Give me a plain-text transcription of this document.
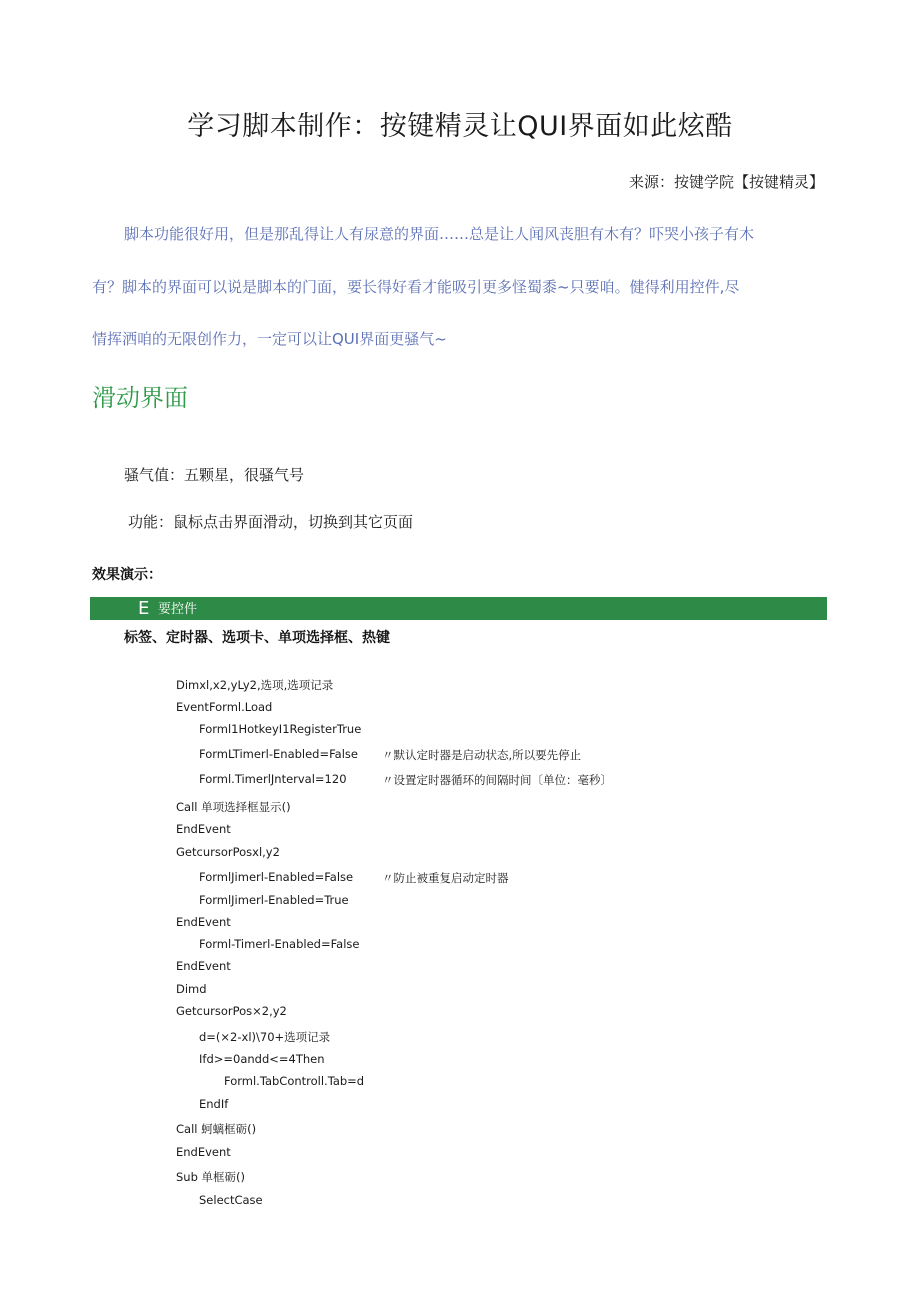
学习脚本制作：按键精灵让QUI界面如此炫酷
来源：按键学院【按键精灵】
脚本功能很好用，但是那乱得让人有尿意的界面……总是让人闻风丧胆有木有？吓哭小孩子有木
有？脚本的界面可以说是脚本的门面，要长得好看才能吸引更多怪蜀黍~只要咱。健得利用控件,尽
情挥洒咱的无限创作力，一定可以让QUI界面更骚气~
滑动界面
骚气值：五颗星，很骚气号
功能：鼠标点击界面滑动，切换到其它页面
效果演示：
E 要控件
标签、定时器、选项卡、单项选择框、热键
Dimxl,x2,yLy2,选项,选项记录
EventForml.Load
Forml1HotkeyI1RegisterTrue
FormLTimerl-Enabled=False 〃默认定时器是启动状态,所以要先停止
Forml.TimerlJnterval=120	〃设置定时器循环的间隔时间〔单位：毫秒〕
Call 单项选择框显示()
EndEvent
GetcursorPosxl,y2
FormlJimerl-Enabled=False	〃防止被重复启动定时器
FormlJimerl-Enabled=True
EndEvent
Forml-Timerl-Enabled=False
EndEvent
Dimd
GetcursorPos×2,y2
d=(×2-xl)\70+选项记录
Ifd>=0andd<=4Then
Forml.TabControll.Tab=d
EndIf
Call 蚵螭框砺()
EndEvent
Sub 单框砺()
SelectCase
